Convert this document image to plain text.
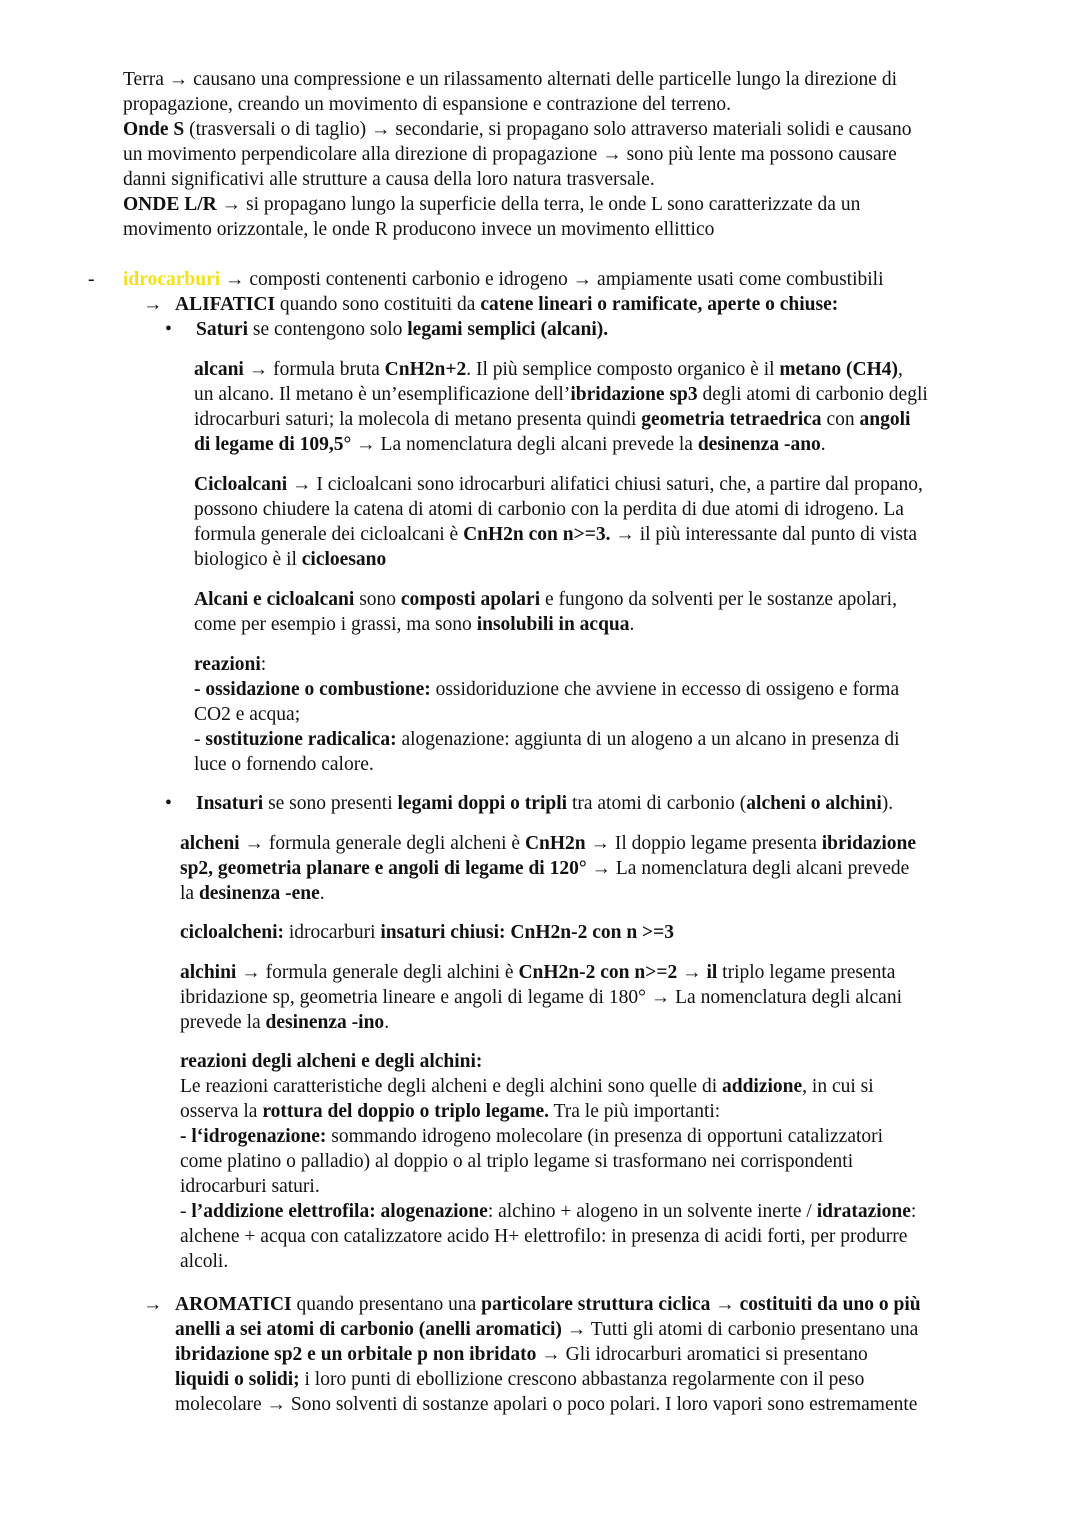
Terra → causano una compressione e un rilassamento alternati delle particelle lungo la direzione di

propagazione, creando un movimento di espansione e contrazione del terreno.

Onde S (trasversali o di taglio) → secondarie, si propagano solo attraverso materiali solidi e causano

un movimento perpendicolare alla direzione di propagazione → sono più lente ma possono causare

danni significativi alle strutture a causa della loro natura trasversale.

ONDE L/R → si propagano lungo la superficie della terra, le onde L sono caratterizzate da un

movimento orizzontale, le onde R producono invece un movimento ellittico

- idrocarburi → composti contenenti carbonio e idrogeno → ampiamente usati come combustibili

→ ALIFATICI quando sono costituiti da catene lineari o ramificate, aperte o chiuse:

• Saturi se contengono solo legami semplici (alcani).

alcani → formula bruta CnH2n+2. Il più semplice composto organico è il metano (CH4),

un alcano. Il metano è un’esemplificazione dell’ibridazione sp3 degli atomi di carbonio degli

idrocarburi saturi; la molecola di metano presenta quindi geometria tetraedrica con angoli

di legame di 109,5° → La nomenclatura degli alcani prevede la desinenza -ano.

Cicloalcani → I cicloalcani sono idrocarburi alifatici chiusi saturi, che, a partire dal propano,

possono chiudere la catena di atomi di carbonio con la perdita di due atomi di idrogeno. La

formula generale dei cicloalcani è CnH2n con n>=3. → il più interessante dal punto di vista

biologico è il cicloesano

Alcani e cicloalcani sono composti apolari e fungono da solventi per le sostanze apolari,

come per esempio i grassi, ma sono insolubili in acqua.

reazioni:

- ossidazione o combustione: ossidoriduzione che avviene in eccesso di ossigeno e forma

CO2 e acqua;

- sostituzione radicalica: alogenazione: aggiunta di un alogeno a un alcano in presenza di

luce o fornendo calore.

• Insaturi se sono presenti legami doppi o tripli tra atomi di carbonio (alcheni o alchini).

alcheni → formula generale degli alcheni è CnH2n → Il doppio legame presenta ibridazione

sp2, geometria planare e angoli di legame di 120° → La nomenclatura degli alcani prevede

la desinenza -ene.

cicloalcheni: idrocarburi insaturi chiusi: CnH2n-2 con n >=3

alchini → formula generale degli alchini è CnH2n-2 con n>=2 → il triplo legame presenta

ibridazione sp, geometria lineare e angoli di legame di 180° → La nomenclatura degli alcani

prevede la desinenza -ino.

reazioni degli alcheni e degli alchini:

Le reazioni caratteristiche degli alcheni e degli alchini sono quelle di addizione, in cui si

osserva la rottura del doppio o triplo legame. Tra le più importanti:

- l‘idrogenazione: sommando idrogeno molecolare (in presenza di opportuni catalizzatori

come platino o palladio) al doppio o al triplo legame si trasformano nei corrispondenti

idrocarburi saturi.

- l’addizione elettrofila: alogenazione: alchino + alogeno in un solvente inerte / idratazione:

alchene + acqua con catalizzatore acido H+ elettrofilo: in presenza di acidi forti, per produrre

alcoli.

→ AROMATICI quando presentano una particolare struttura ciclica → costituiti da uno o più

anelli a sei atomi di carbonio (anelli aromatici) → Tutti gli atomi di carbonio presentano una

ibridazione sp2 e un orbitale p non ibridato → Gli idrocarburi aromatici si presentano

liquidi o solidi; i loro punti di ebollizione crescono abbastanza regolarmente con il peso

molecolare → Sono solventi di sostanze apolari o poco polari. I loro vapori sono estremamente
